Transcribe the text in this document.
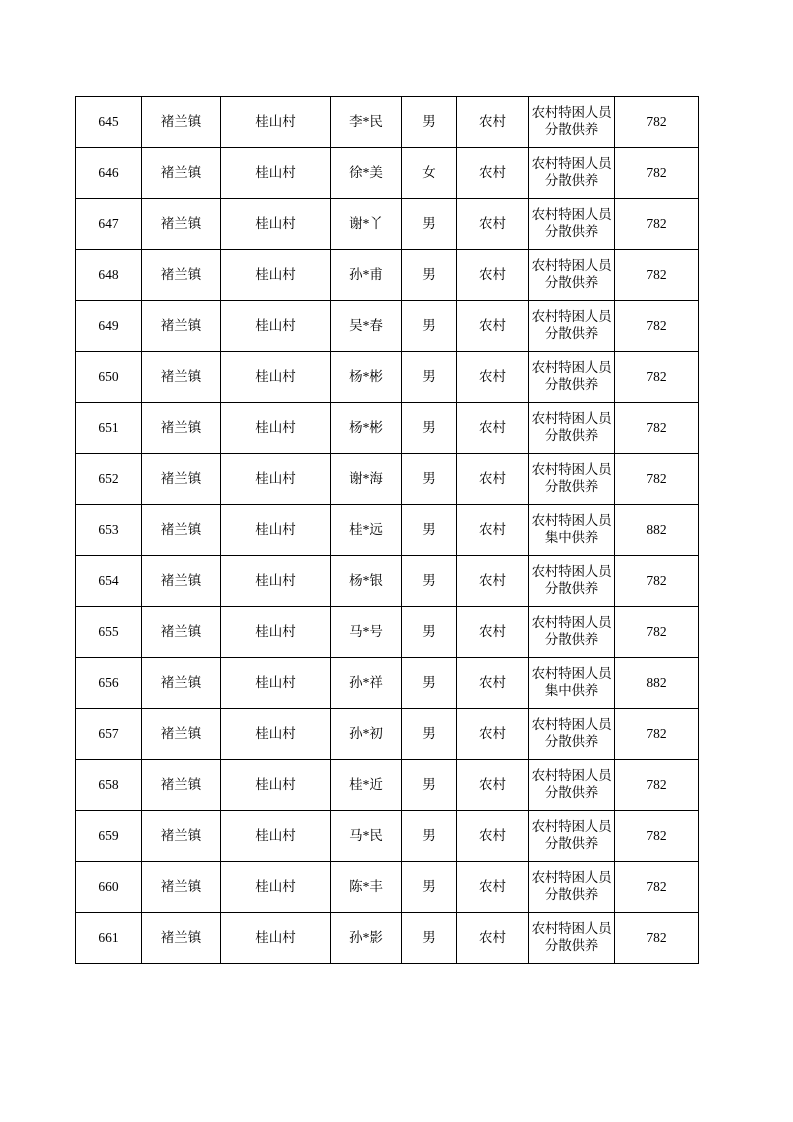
645	褚兰镇	桂山村	李*民	男	农村	农村特困人员分散供养	782
646	褚兰镇	桂山村	徐*美	女	农村	农村特困人员分散供养	782
647	褚兰镇	桂山村	谢*丫	男	农村	农村特困人员分散供养	782
648	褚兰镇	桂山村	孙*甫	男	农村	农村特困人员分散供养	782
649	褚兰镇	桂山村	吴*春	男	农村	农村特困人员分散供养	782
650	褚兰镇	桂山村	杨*彬	男	农村	农村特困人员分散供养	782
651	褚兰镇	桂山村	杨*彬	男	农村	农村特困人员分散供养	782
652	褚兰镇	桂山村	谢*海	男	农村	农村特困人员分散供养	782
653	褚兰镇	桂山村	桂*远	男	农村	农村特困人员集中供养	882
654	褚兰镇	桂山村	杨*银	男	农村	农村特困人员分散供养	782
655	褚兰镇	桂山村	马*号	男	农村	农村特困人员分散供养	782
656	褚兰镇	桂山村	孙*祥	男	农村	农村特困人员集中供养	882
657	褚兰镇	桂山村	孙*初	男	农村	农村特困人员分散供养	782
658	褚兰镇	桂山村	桂*近	男	农村	农村特困人员分散供养	782
659	褚兰镇	桂山村	马*民	男	农村	农村特困人员分散供养	782
660	褚兰镇	桂山村	陈*丰	男	农村	农村特困人员分散供养	782
661	褚兰镇	桂山村	孙*影	男	农村	农村特困人员分散供养	782
